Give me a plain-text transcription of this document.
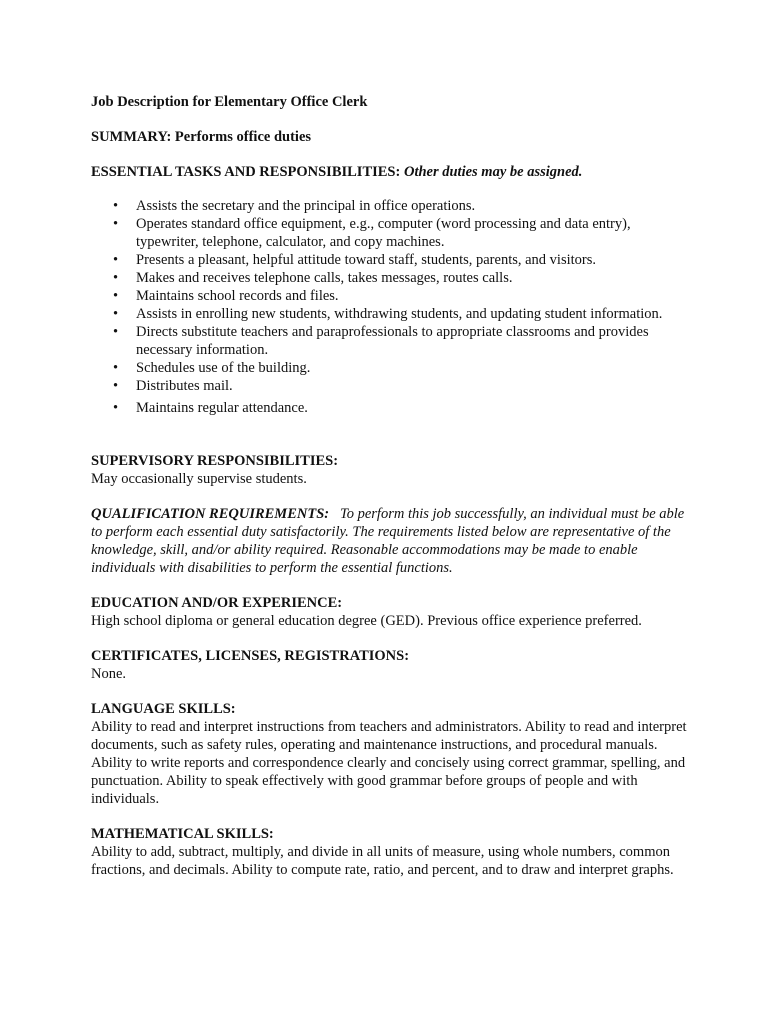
Job Description for Elementary Office Clerk

SUMMARY: Performs office duties

ESSENTIAL TASKS AND RESPONSIBILITIES: Other duties may be assigned.

• Assists the secretary and the principal in office operations.
• Operates standard office equipment, e.g., computer (word processing and data entry), typewriter, telephone, calculator, and copy machines.
• Presents a pleasant, helpful attitude toward staff, students, parents, and visitors.
• Makes and receives telephone calls, takes messages, routes calls.
• Maintains school records and files.
• Assists in enrolling new students, withdrawing students, and updating student information.
• Directs substitute teachers and paraprofessionals to appropriate classrooms and provides necessary information.
• Schedules use of the building.
• Distributes mail.
• Maintains regular attendance.

SUPERVISORY RESPONSIBILITIES:

May occasionally supervise students.

QUALIFICATION REQUIREMENTS: To perform this job successfully, an individual must be able to perform each essential duty satisfactorily. The requirements listed below are representative of the knowledge, skill, and/or ability required. Reasonable accommodations may be made to enable individuals with disabilities to perform the essential functions.

EDUCATION AND/OR EXPERIENCE:

High school diploma or general education degree (GED). Previous office experience preferred.

CERTIFICATES, LICENSES, REGISTRATIONS:

None.

LANGUAGE SKILLS:

Ability to read and interpret instructions from teachers and administrators. Ability to read and interpret documents, such as safety rules, operating and maintenance instructions, and procedural manuals. Ability to write reports and correspondence clearly and concisely using correct grammar, spelling, and punctuation. Ability to speak effectively with good grammar before groups of people and with individuals.

MATHEMATICAL SKILLS:

Ability to add, subtract, multiply, and divide in all units of measure, using whole numbers, common fractions, and decimals. Ability to compute rate, ratio, and percent, and to draw and interpret graphs.
